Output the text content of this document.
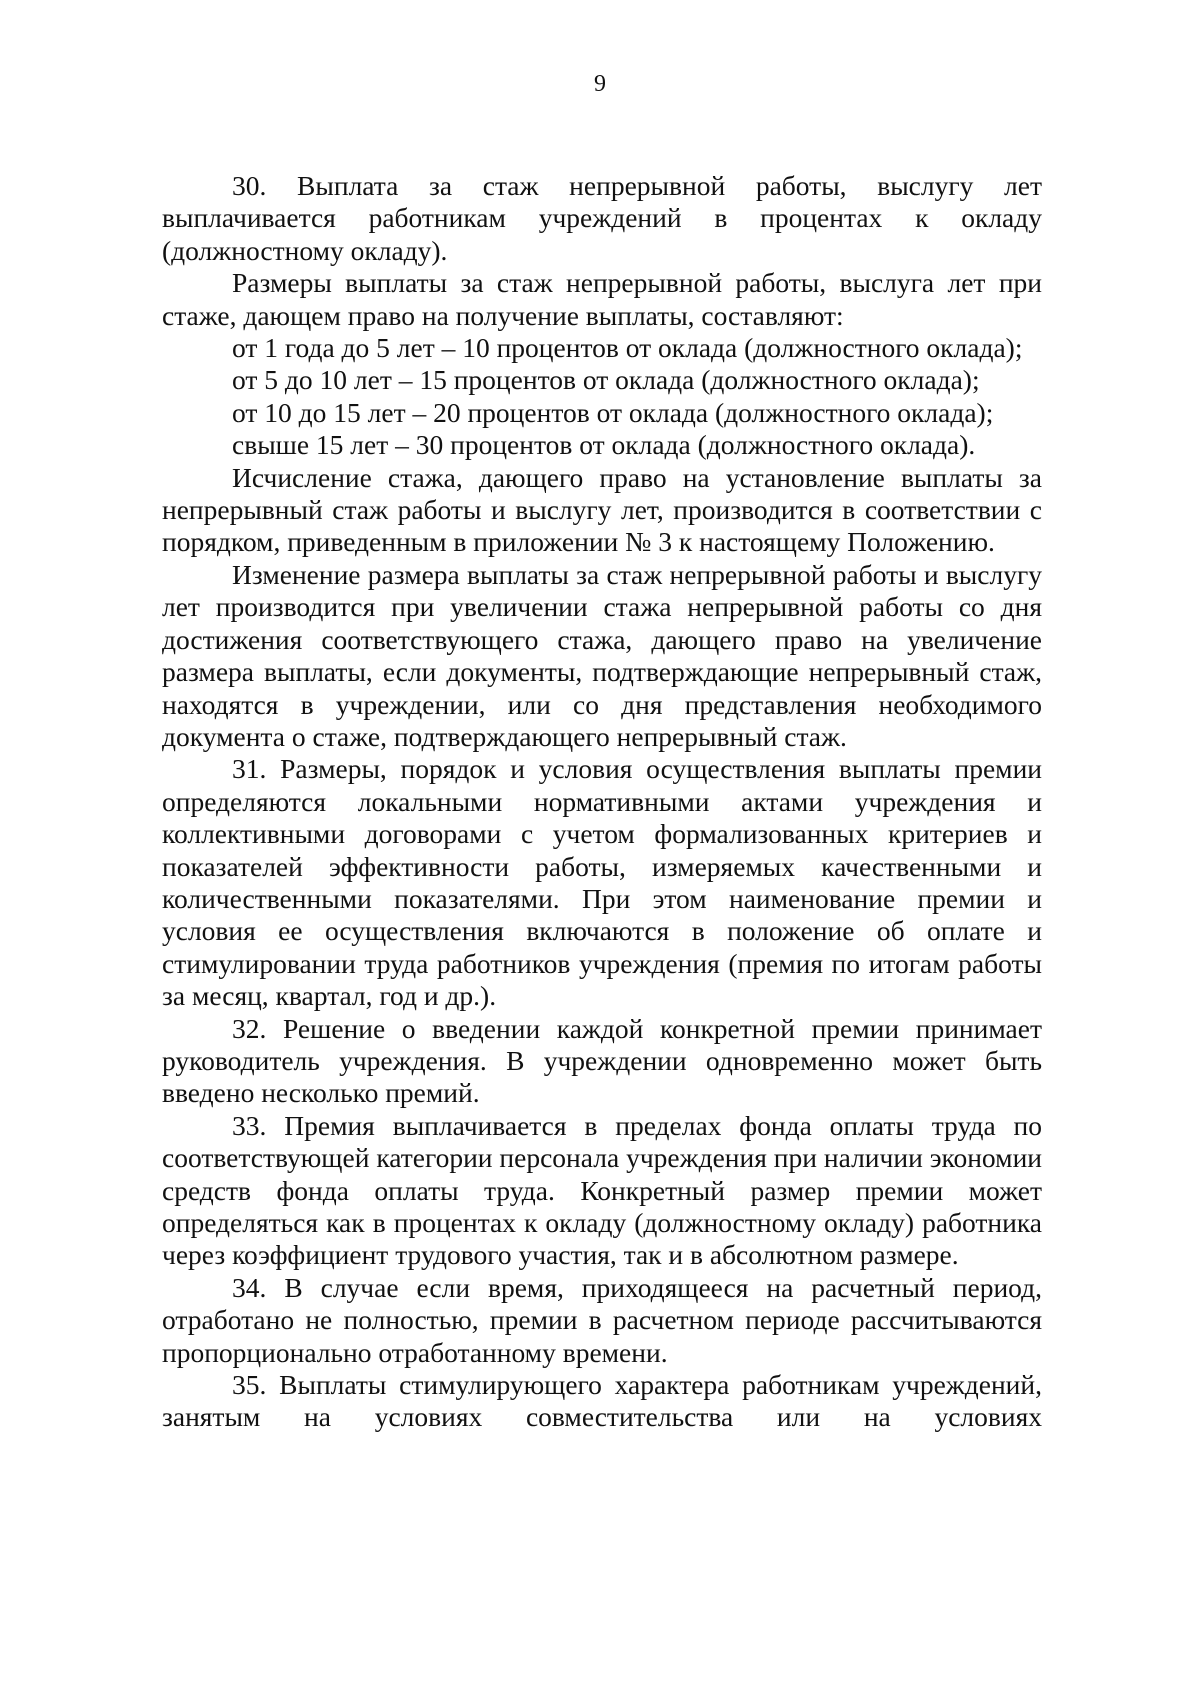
9

30. Выплата за стаж непрерывной работы, выслугу лет выплачивается работникам учреждений в процентах к окладу (должностному окладу).

Размеры выплаты за стаж непрерывной работы, выслуга лет при стаже, дающем право на получение выплаты, составляют:

от 1 года до 5 лет – 10 процентов от оклада (должностного оклада);

от 5 до 10 лет – 15 процентов от оклада (должностного оклада);

от 10 до 15 лет – 20 процентов от оклада (должностного оклада);

свыше 15 лет – 30 процентов от оклада (должностного оклада).

Исчисление стажа, дающего право на установление выплаты за непрерывный стаж работы и выслугу лет, производится в соответствии с порядком, приведенным в приложении № 3 к настоящему Положению.

Изменение размера выплаты за стаж непрерывной работы и выслугу лет производится при увеличении стажа непрерывной работы со дня достижения соответствующего стажа, дающего право на увеличение размера выплаты, если документы, подтверждающие непрерывный стаж, находятся в учреждении, или со дня представления необходимого документа о стаже, подтверждающего непрерывный стаж.

31. Размеры, порядок и условия осуществления выплаты премии определяются локальными нормативными актами учреждения и коллективными договорами с учетом формализованных критериев и показателей эффективности работы, измеряемых качественными и количественными показателями. При этом наименование премии и условия ее осуществления включаются в положение об оплате и стимулировании труда работников учреждения (премия по итогам работы за месяц, квартал, год и др.).

32. Решение о введении каждой конкретной премии принимает руководитель учреждения. В учреждении одновременно может быть введено несколько премий.

33. Премия выплачивается в пределах фонда оплаты труда по соответствующей категории персонала учреждения при наличии экономии средств фонда оплаты труда. Конкретный размер премии может определяться как в процентах к окладу (должностному окладу) работника через коэффициент трудового участия, так и в абсолютном размере.

34. В случае если время, приходящееся на расчетный период, отработано не полностью, премии в расчетном периоде рассчитываются пропорционально отработанному времени.

35. Выплаты стимулирующего характера работникам учреждений, занятым на условиях совместительства или на условиях
